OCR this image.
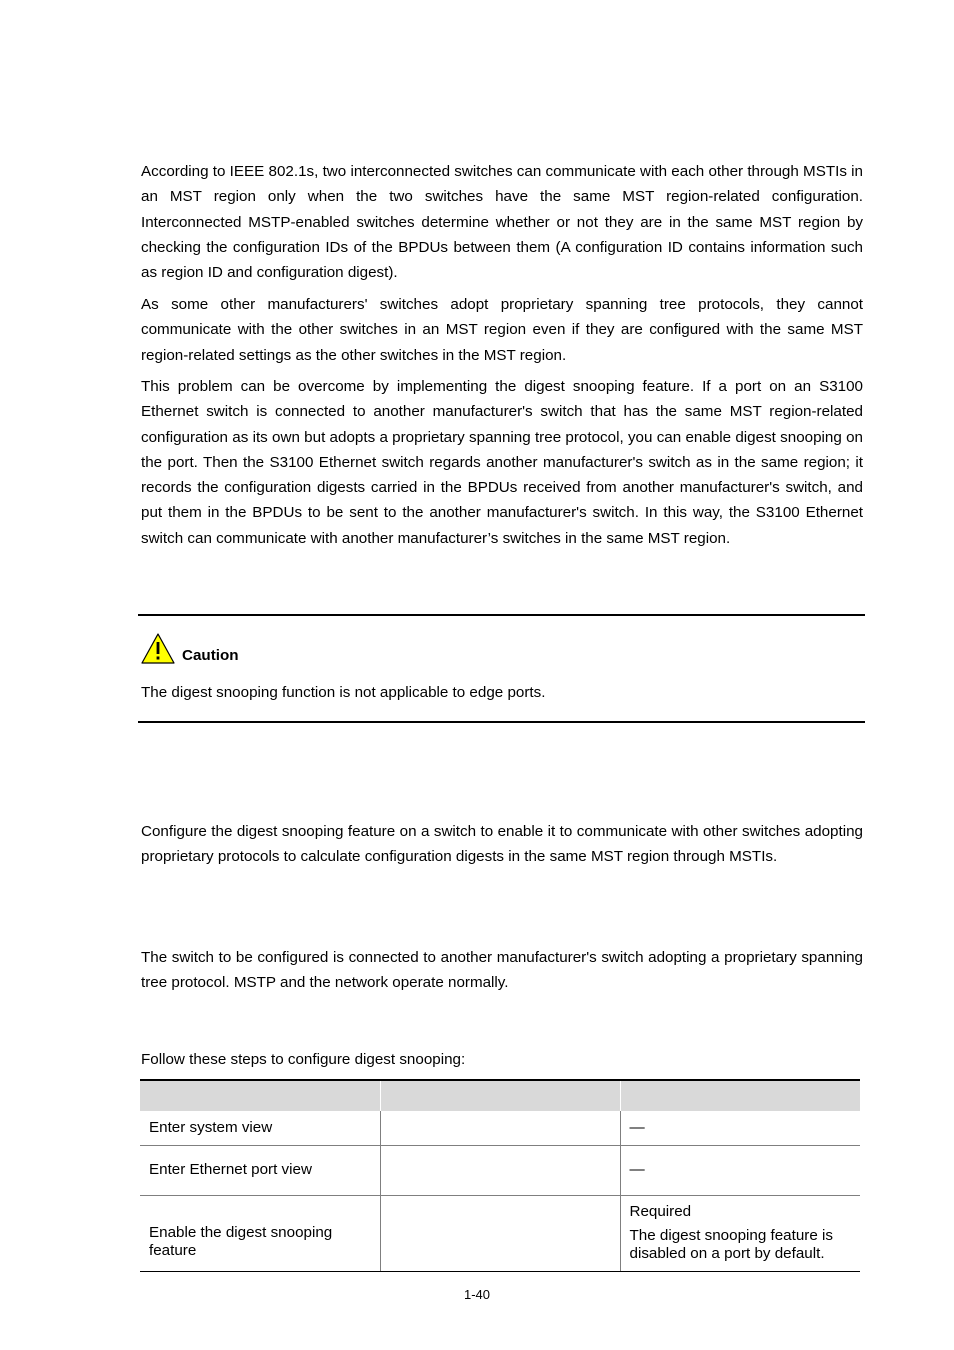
According to IEEE 802.1s, two interconnected switches can communicate with each other through MSTIs in an MST region only when the two switches have the same MST region-related configuration. Interconnected MSTP-enabled switches determine whether or not they are in the same MST region by checking the configuration IDs of the BPDUs between them (A configuration ID contains information such as region ID and configuration digest).

As some other manufacturers' switches adopt proprietary spanning tree protocols, they cannot communicate with the other switches in an MST region even if they are configured with the same MST region-related settings as the other switches in the MST region.

This problem can be overcome by implementing the digest snooping feature. If a port on an S3100 Ethernet switch is connected to another manufacturer's switch that has the same MST region-related configuration as its own but adopts a proprietary spanning tree protocol, you can enable digest snooping on the port. Then the S3100 Ethernet switch regards another manufacturer's switch as in the same region; it records the configuration digests carried in the BPDUs received from another manufacturer's switch, and put them in the BPDUs to be sent to the another manufacturer's switch. In this way, the S3100 Ethernet switch can communicate with another manufacturer’s switches in the same MST region.

Caution
The digest snooping function is not applicable to edge ports.

Configure the digest snooping feature on a switch to enable it to communicate with other switches adopting proprietary protocols to calculate configuration digests in the same MST region through MSTIs.

The switch to be configured is connected to another manufacturer's switch adopting a proprietary spanning tree protocol. MSTP and the network operate normally.

Follow these steps to configure digest snooping:

Enter system view		—
Enter Ethernet port view		—
Enable the digest snooping feature		Required
The digest snooping feature is disabled on a port by default.
1-40
